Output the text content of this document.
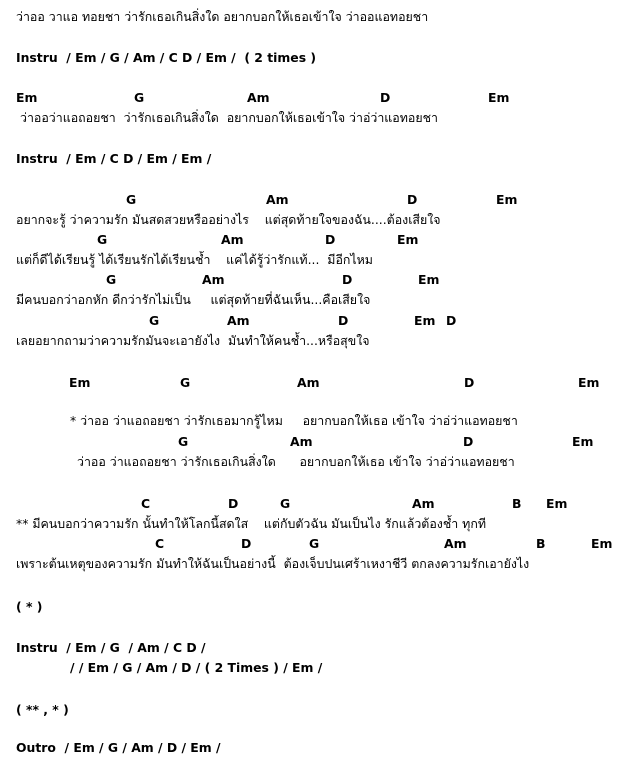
ว่าออ วาแอ ทอยชา ว่ารักเธอเกินสิ่งใด อยากบอกให้เธอเข้าใจ ว่าออแอทอยชา

Instru  / Em / G / Am / C D / Em /  ( 2 times )

Em	G	Am	D	Em

ว่าออว่าแอถอยชา  ว่ารักเธอเกินสิ่งใด  อยากบอกให้เธอเข้าใจ ว่าอ่ว่าแอทอยชา

Instru  / Em / C D / Em / Em /

G	Am	D	Em

อยากจะรู้ ว่าความรัก มันสดสวยหรืออย่างไร    แต่สุดท้ายใจของฉัน....ต้องเสียใจ

G	Am	D	Em

แต่ก็ดีได้เรียนรู้ ได้เรียนรักได้เรียนช้ำ    แค่ได้รู้ว่ารักแท้...  มีอีกไหม

G	Am	D	Em

มีคนบอกว่าอกหัก ดีกว่ารักไม่เป็น     แต่สุดท้ายที่ฉันเห็น...คือเสียใจ

G	Am	D	Em D

เลยอยากถามว่าความรักมันจะเอายังไง  มันทำให้คนช้ำ...หรือสุขใจ

Em	G	Am	D	Em

* ว่าออ ว่าแอถอยชา ว่ารักเธอมากรู้ไหม     อยากบอกให้เธอ เข้าใจ ว่าอ่ว่าแอทอยชา

G	Am	D	Em

ว่าออ ว่าแอถอยชา ว่ารักเธอเกินสิ่งใด      อยากบอกให้เธอ เข้าใจ ว่าอ่ว่าแอทอยชา

C	D	G	Am	B Em

** มีคนบอกว่าความรัก นั้นทำให้โลกนี้สดใส    แต่กับตัวฉัน มันเป็นไง รักแล้วต้องช้ำ ทุกที

C	D	G	Am	B	Em

เพราะต้นเหตุของความรัก มันทำให้ฉันเป็นอย่างนี้  ต้องเจ็บปนเศร้าเหงาชีวี ตกลงความรักเอายังไง

( * )

Instru  / Em / G  / Am / C D /

/ / Em / G / Am / D / ( 2 Times ) / Em /

( ** , * )

Outro  / Em / G / Am / D / Em /
